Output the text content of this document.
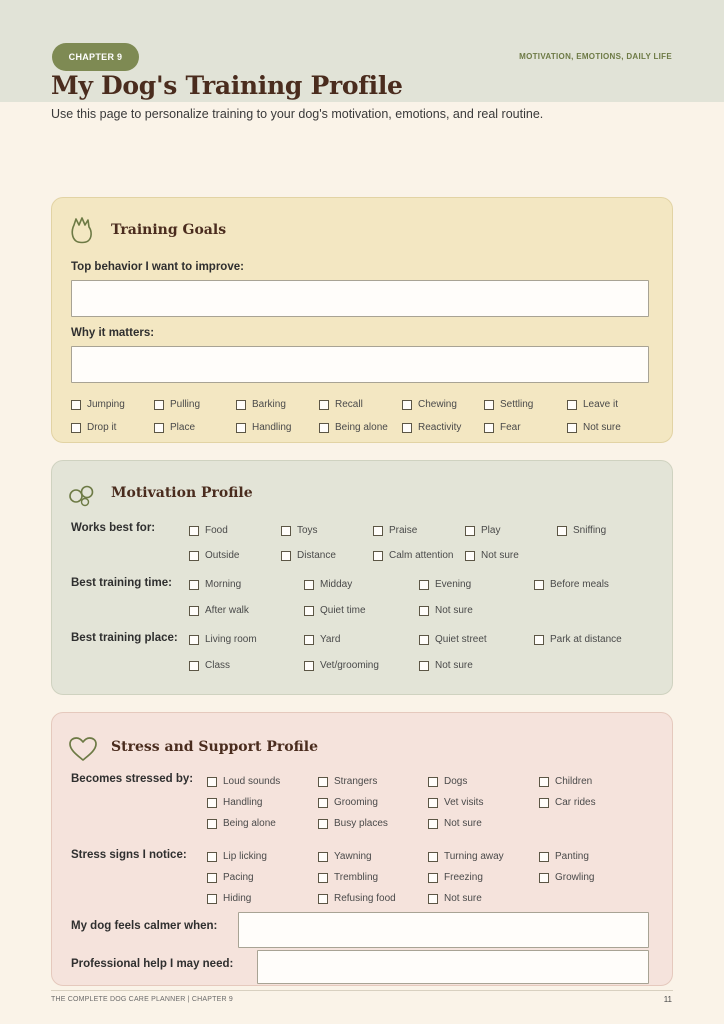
CHAPTER 9	MOTIVATION, EMOTIONS, DAILY LIFE
My Dog's Training Profile
Use this page to personalize training to your dog's motivation, emotions, and real routine.
Training Goals
Top behavior I want to improve:
Why it matters:
Jumping	Pulling	Barking	Recall	Chewing	Settling	Leave it
Drop it	Place	Handling	Being alone	Reactivity	Fear	Not sure
Motivation Profile
Works best for:	Food	Toys	Praise	Play	Sniffing
Outside	Distance	Calm attention	Not sure
Best training time:	Morning	Midday	Evening	Before meals
After walk	Quiet time	Not sure
Best training place:	Living room	Yard	Quiet street	Park at distance
Class	Vet/grooming	Not sure
Stress and Support Profile
Becomes stressed by:	Loud sounds	Strangers	Dogs	Children
Handling	Grooming	Vet visits	Car rides
Being alone	Busy places	Not sure
Stress signs I notice:	Lip licking	Yawning	Turning away	Panting
Pacing	Trembling	Freezing	Growling
Hiding	Refusing food	Not sure
My dog feels calmer when:
Professional help I may need:
THE COMPLETE DOG CARE PLANNER | CHAPTER 9	11
